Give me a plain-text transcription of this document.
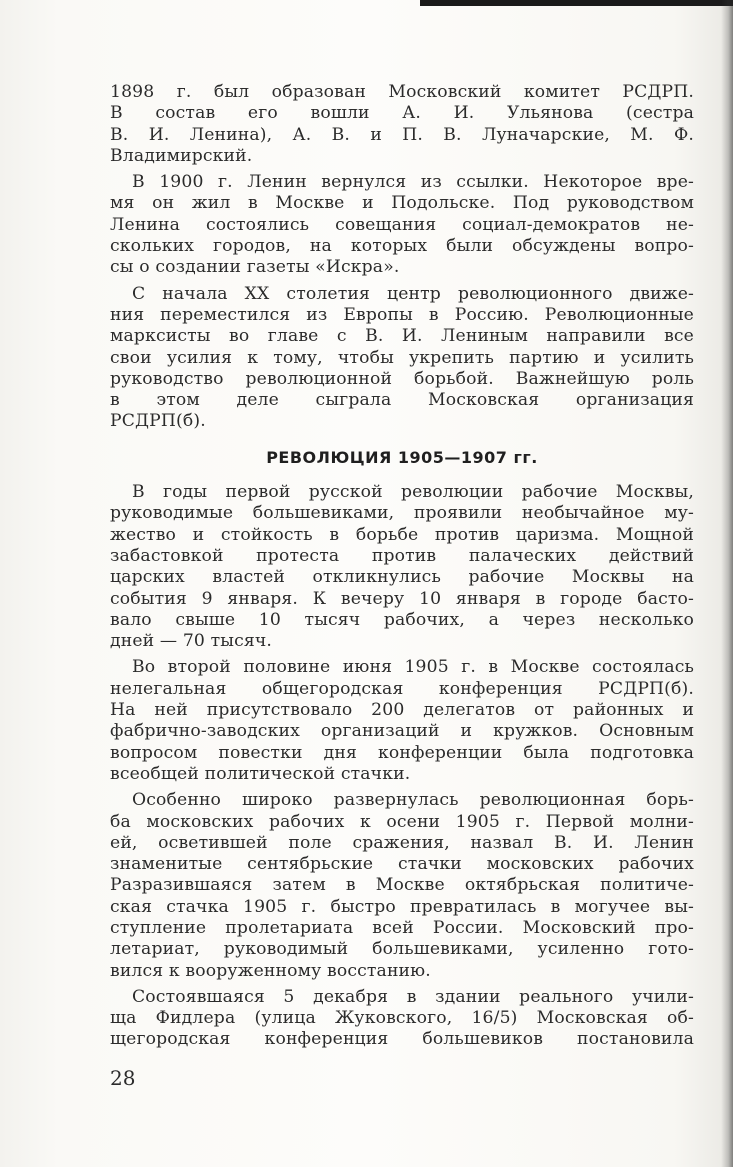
1898 г. был образован Московский комитет РСДРП.
В состав его вошли А. И. Ульянова (сестра
В. И. Ленина), А. В. и П. В. Луначарские, М. Ф.
Владимирский.

В 1900 г. Ленин вернулся из ссылки. Некоторое вре-
мя он жил в Москве и Подольске. Под руководством
Ленина состоялись совещания социал-демократов не-
скольких городов, на которых были обсуждены вопро-
сы о создании газеты «Искра».

С начала XX столетия центр революционного движе-
ния переместился из Европы в Россию. Революционные
марксисты во главе с В. И. Лениным направили все
свои усилия к тому, чтобы укрепить партию и усилить
руководство революционной борьбой. Важнейшую роль
в этом деле сыграла Московская организация
РСДРП(б).

РЕВОЛЮЦИЯ 1905—1907 гг.

В годы первой русской революции рабочие Москвы,
руководимые большевиками, проявили необычайное му-
жество и стойкость в борьбе против царизма. Мощной
забастовкой протеста против палаческих действий
царских властей откликнулись рабочие Москвы на
события 9 января. К вечеру 10 января в городе басто-
вало свыше 10 тысяч рабочих, а через несколько
дней — 70 тысяч.

Во второй половине июня 1905 г. в Москве состоялась
нелегальная общегородская конференция РСДРП(б).
На ней присутствовало 200 делегатов от районных и
фабрично-заводских организаций и кружков. Основным
вопросом повестки дня конференции была подготовка
всеобщей политической стачки.

Особенно широко развернулась революционная борь-
ба московских рабочих к осени 1905 г. Первой молни-
ей, осветившей поле сражения, назвал В. И. Ленин
знаменитые сентябрьские стачки московских рабочих
Разразившаяся затем в Москве октябрьская политиче-
ская стачка 1905 г. быстро превратилась в могучее вы-
ступление пролетариата всей России. Московский про-
летариат, руководимый большевиками, усиленно гото-
вился к вооруженному восстанию.

Состоявшаяся 5 декабря в здании реального учили-
ща Фидлера (улица Жуковского, 16/5) Московская об-
щегородская конференция большевиков постановила

28
